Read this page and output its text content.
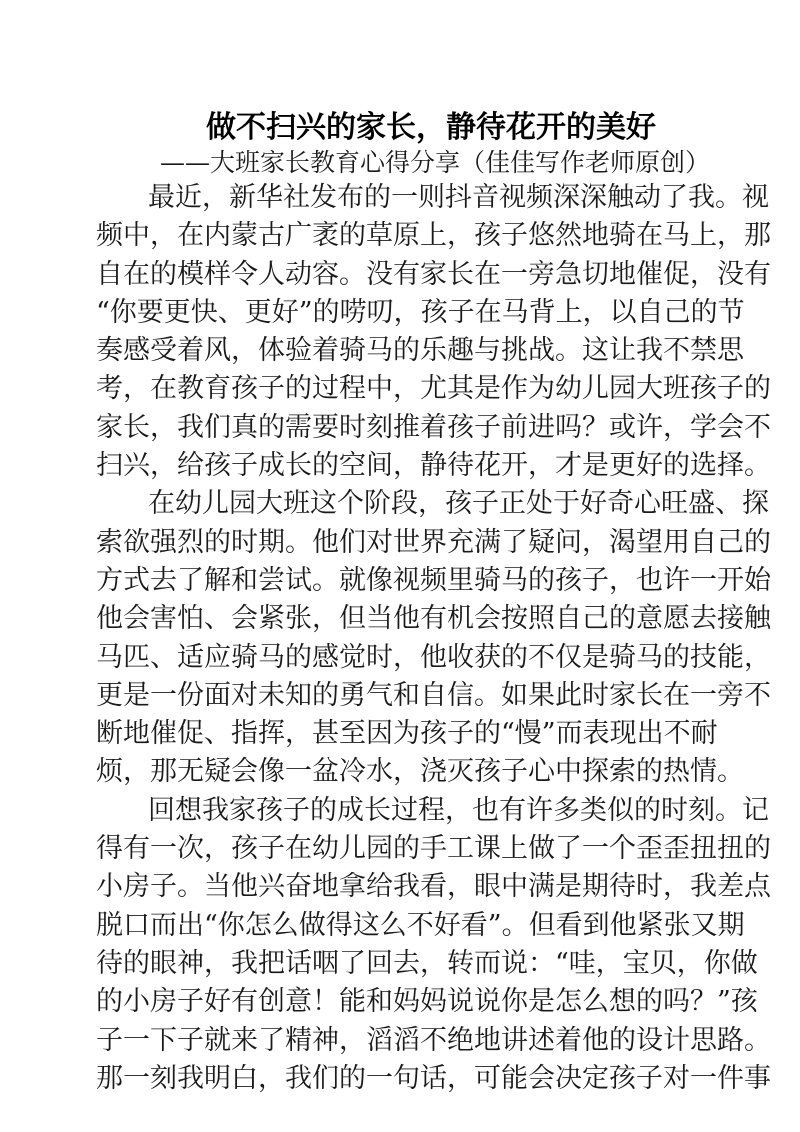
做不扫兴的家长，静待花开的美好
——大班家长教育心得分享（佳佳写作老师原创）
最近，新华社发布的一则抖音视频深深触动了我。视
频中，在内蒙古广袤的草原上，孩子悠然地骑在马上，那
自在的模样令人动容。没有家长在一旁急切地催促，没有
“你要更快、更好”的唠叨，孩子在马背上，以自己的节
奏感受着风，体验着骑马的乐趣与挑战。这让我不禁思
考，在教育孩子的过程中，尤其是作为幼儿园大班孩子的
家长，我们真的需要时刻推着孩子前进吗？或许，学会不
扫兴，给孩子成长的空间，静待花开，才是更好的选择。
在幼儿园大班这个阶段，孩子正处于好奇心旺盛、探
索欲强烈的时期。他们对世界充满了疑问，渴望用自己的
方式去了解和尝试。就像视频里骑马的孩子，也许一开始
他会害怕、会紧张，但当他有机会按照自己的意愿去接触
马匹、适应骑马的感觉时，他收获的不仅是骑马的技能，
更是一份面对未知的勇气和自信。如果此时家长在一旁不
断地催促、指挥，甚至因为孩子的“慢”而表现出不耐
烦，那无疑会像一盆冷水，浇灭孩子心中探索的热情。
回想我家孩子的成长过程，也有许多类似的时刻。记
得有一次，孩子在幼儿园的手工课上做了一个歪歪扭扭的
小房子。当他兴奋地拿给我看，眼中满是期待时，我差点
脱口而出“你怎么做得这么不好看”。但看到他紧张又期
待的眼神，我把话咽了回去，转而说：“哇，宝贝，你做
的小房子好有创意！能和妈妈说说你是怎么想的吗？”孩
子一下子就来了精神，滔滔不绝地讲述着他的设计思路。
那一刻我明白，我们的一句话，可能会决定孩子对一件事
